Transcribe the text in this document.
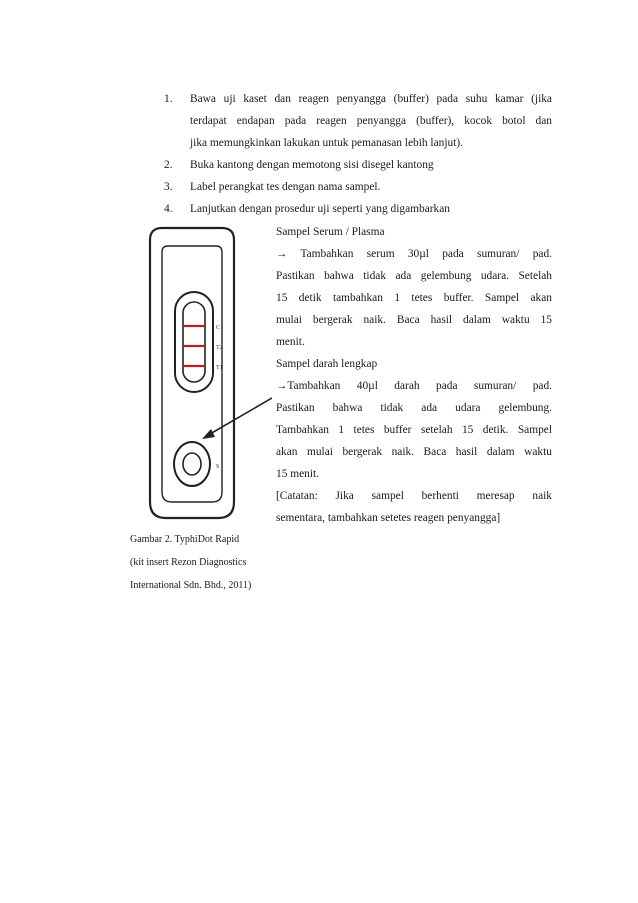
1. Bawa uji kaset dan reagen penyangga (buffer) pada suhu kamar (jika
terdapat endapan pada reagen penyangga (buffer), kocok botol dan
jika memungkinkan lakukan untuk pemanasan lebih lanjut).
2. Buka kantong dengan memotong sisi disegel kantong
3. Label perangkat tes dengan nama sampel.
4. Lanjutkan dengan prosedur uji seperti yang digambarkan
C
T2
T1
S
Sampel Serum / Plasma
→ Tambahkan serum 30µl pada sumuran/ pad.
Pastikan bahwa tidak ada gelembung udara. Setelah
15 detik tambahkan 1 tetes buffer. Sampel akan
mulai bergerak naik. Baca hasil dalam waktu 15
menit.
Sampel darah lengkap
→Tambahkan 40µl darah pada sumuran/ pad.
Pastikan bahwa tidak ada udara gelembung.
Tambahkan 1 tetes buffer setelah 15 detik. Sampel
akan mulai bergerak naik. Baca hasil dalam waktu
15 menit.
[Catatan: Jika sampel berhenti meresap naik
sementara, tambahkan setetes reagen penyangga]
Gambar 2. TyphiDot Rapid
(kit insert Rezon Diagnostics
International Sdn. Bhd., 2011)
